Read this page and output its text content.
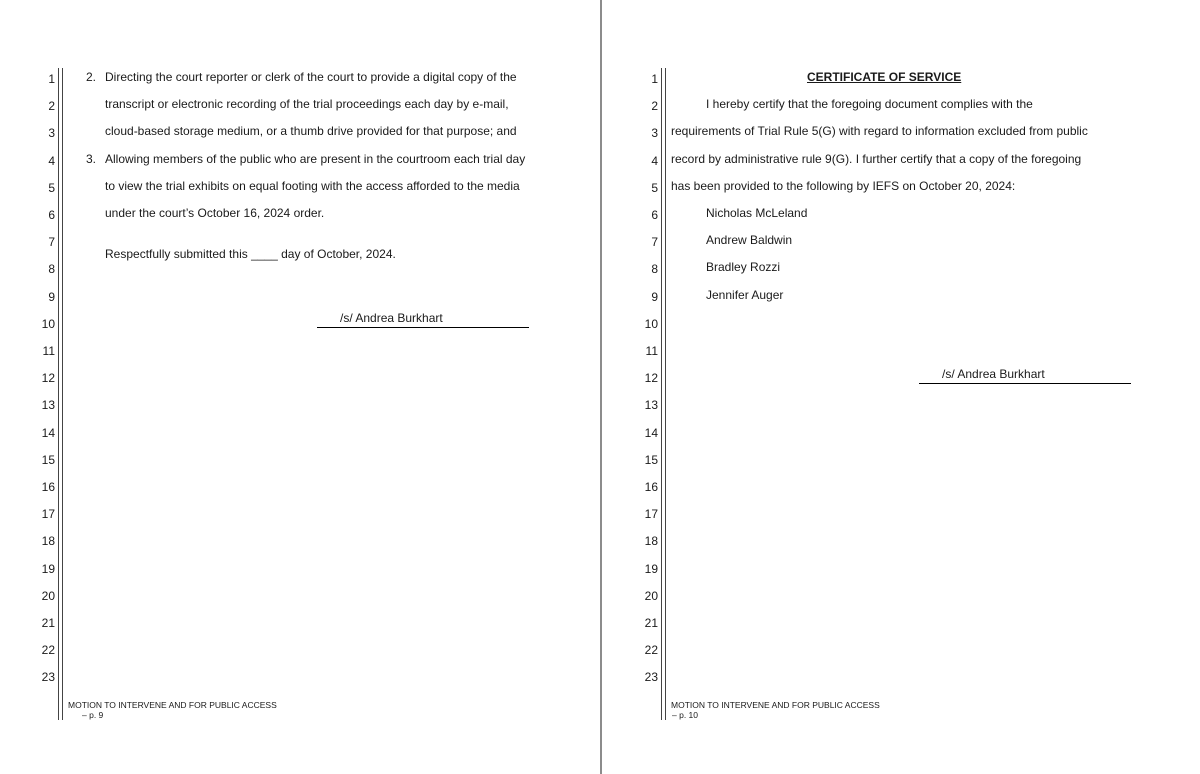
1
2
3
4
5
6
7
8
9
10
11
12
13
14
15
16
17
18
19
20
21
22
23
2. Directing the court reporter or clerk of the court to provide a digital copy of the
transcript or electronic recording of the trial proceedings each day by e-mail,
cloud-based storage medium, or a thumb drive provided for that purpose; and
3. Allowing members of the public who are present in the courtroom each trial day
to view the trial exhibits on equal footing with the access afforded to the media
under the court’s October 16, 2024 order.
Respectfully submitted this ____ day of October, 2024.
/s/ Andrea Burkhart
MOTION TO INTERVENE AND FOR PUBLIC ACCESS
– p. 9
1
2
3
4
5
6
7
8
9
10
11
12
13
14
15
16
17
18
19
20
21
22
23
CERTIFICATE OF SERVICE
I hereby certify that the foregoing document complies with the
requirements of Trial Rule 5(G) with regard to information excluded from public
record by administrative rule 9(G). I further certify that a copy of the foregoing
has been provided to the following by IEFS on October 20, 2024:
Nicholas McLeland
Andrew Baldwin
Bradley Rozzi
Jennifer Auger
/s/ Andrea Burkhart
MOTION TO INTERVENE AND FOR PUBLIC ACCESS
– p. 10
